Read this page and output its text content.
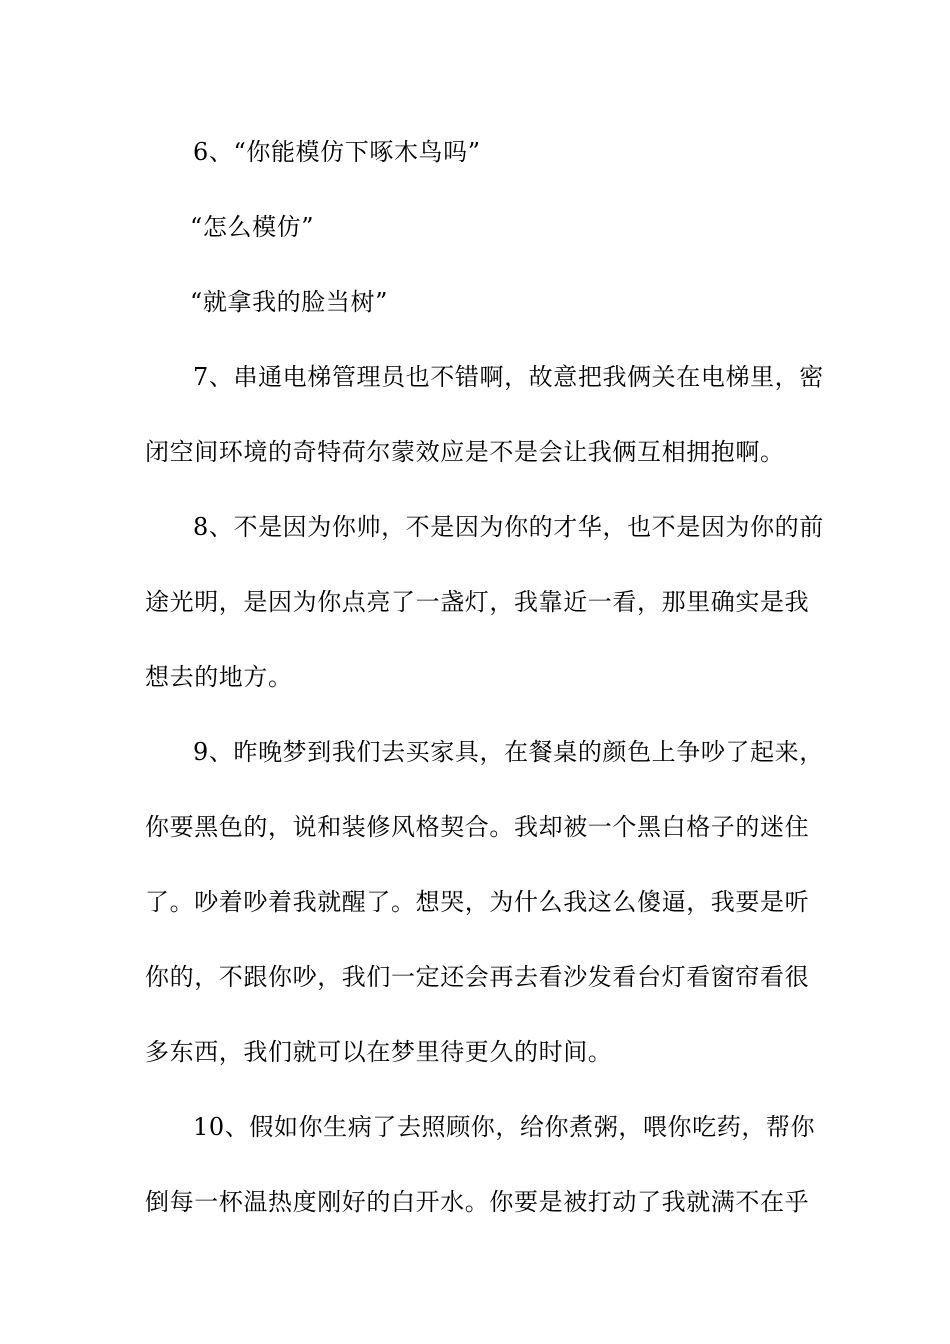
6、“你能模仿下啄木鸟吗”
“怎么模仿”
“就拿我的脸当树”
7、串通电梯管理员也不错啊，故意把我俩关在电梯里，密
闭空间环境的奇特荷尔蒙效应是不是会让我俩互相拥抱啊。
8、不是因为你帅，不是因为你的才华，也不是因为你的前
途光明，是因为你点亮了一盏灯，我靠近一看，那里确实是我
想去的地方。
9、昨晚梦到我们去买家具，在餐桌的颜色上争吵了起来，
你要黑色的，说和装修风格契合。我却被一个黑白格子的迷住
了。吵着吵着我就醒了。想哭，为什么我这么傻逼，我要是听
你的，不跟你吵，我们一定还会再去看沙发看台灯看窗帘看很
多东西，我们就可以在梦里待更久的时间。
10、假如你生病了去照顾你，给你煮粥，喂你吃药，帮你
倒每一杯温热度刚好的白开水。你要是被打动了我就满不在乎
